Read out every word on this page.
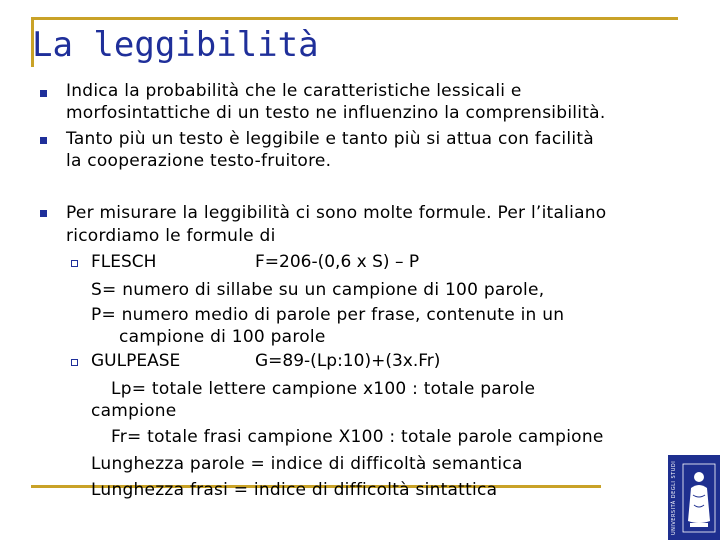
La leggibilità
Indica la probabilità che le caratteristiche lessicali e
morfosintattiche di un testo ne influenzino la comprensibilità.
Tanto più un testo è leggibile e tanto più si attua con facilità
la cooperazione testo-fruitore.
Per misurare la leggibilità ci sono molte formule. Per l’italiano
ricordiamo le formule di
FLESCH	F=206-(0,6 x S) – P
S= numero di sillabe su un campione di 100 parole,
P= numero medio di parole per frase, contenute in un
campione di 100 parole
GULPEASE	G=89-(Lp:10)+(3x.Fr)
Lp= totale lettere campione x100 : totale parole
campione
Fr= totale frasi campione X100 : totale parole campione
Lunghezza parole = indice di difficoltà semantica
Lunghezza frasi = indice di difficoltà sintattica	UNIVERSITÀ DEGLI STUDI
